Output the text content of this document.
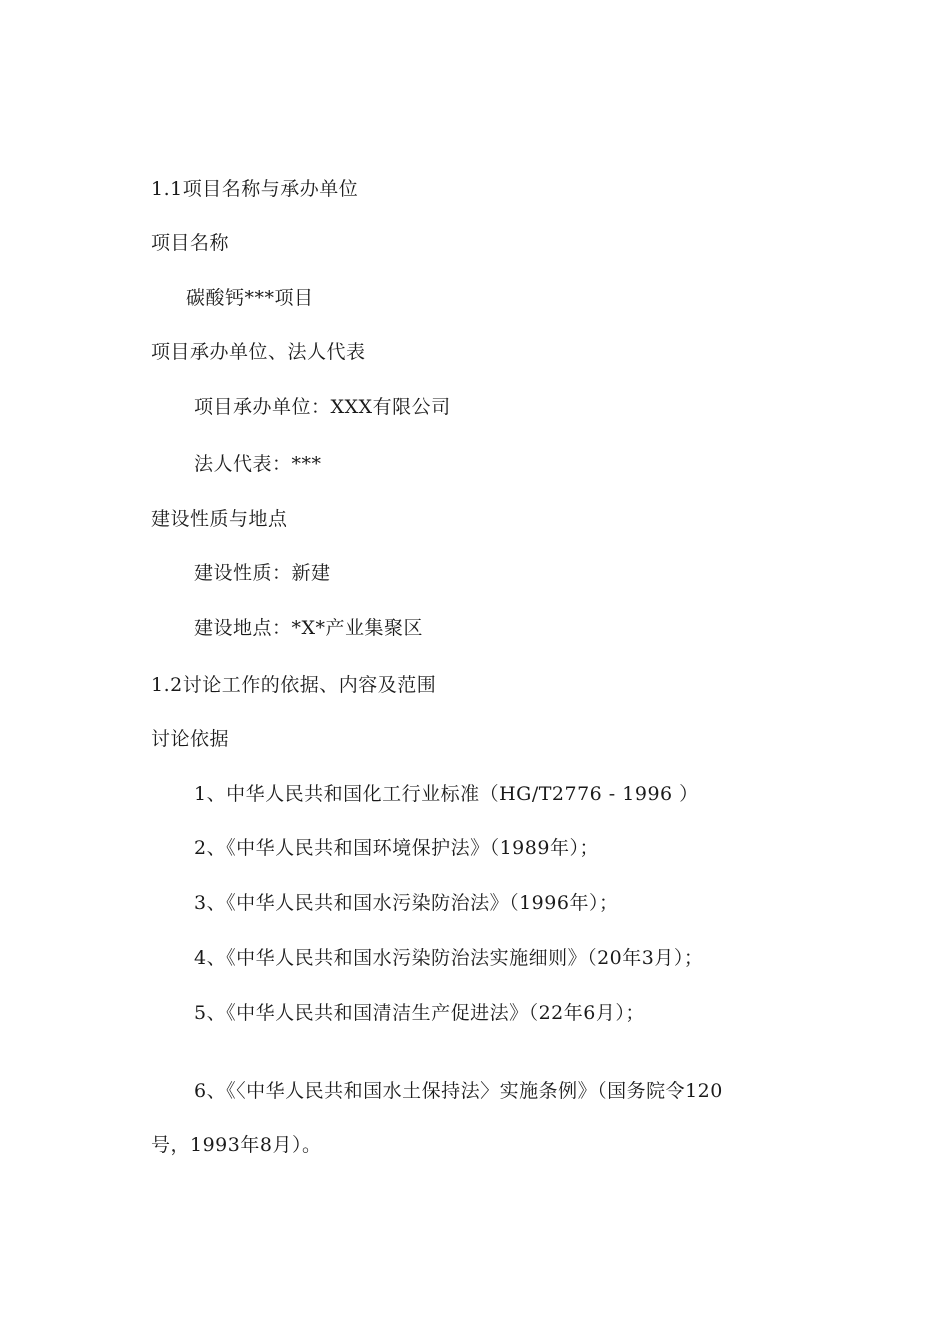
1.1项目名称与承办单位
项目名称
碳酸钙***项目
项目承办单位、法人代表
项目承办单位：XXX有限公司
法人代表：***
建设性质与地点
建设性质：新建
建设地点：*X*产业集聚区
1.2讨论工作的依据、内容及范围
讨论依据
1、中华人民共和国化工行业标准（HG/T2776 - 1996 ）
2、《中华人民共和国环境保护法》（1989年）；
3、《中华人民共和国水污染防治法》（1996年）；
4、《中华人民共和国水污染防治法实施细则》（20年3月）；
5、《中华人民共和国清洁生产促进法》（22年6月）；
6、《〈中华人民共和国水土保持法〉实施条例》（国务院令120
号，1993年8月）。
